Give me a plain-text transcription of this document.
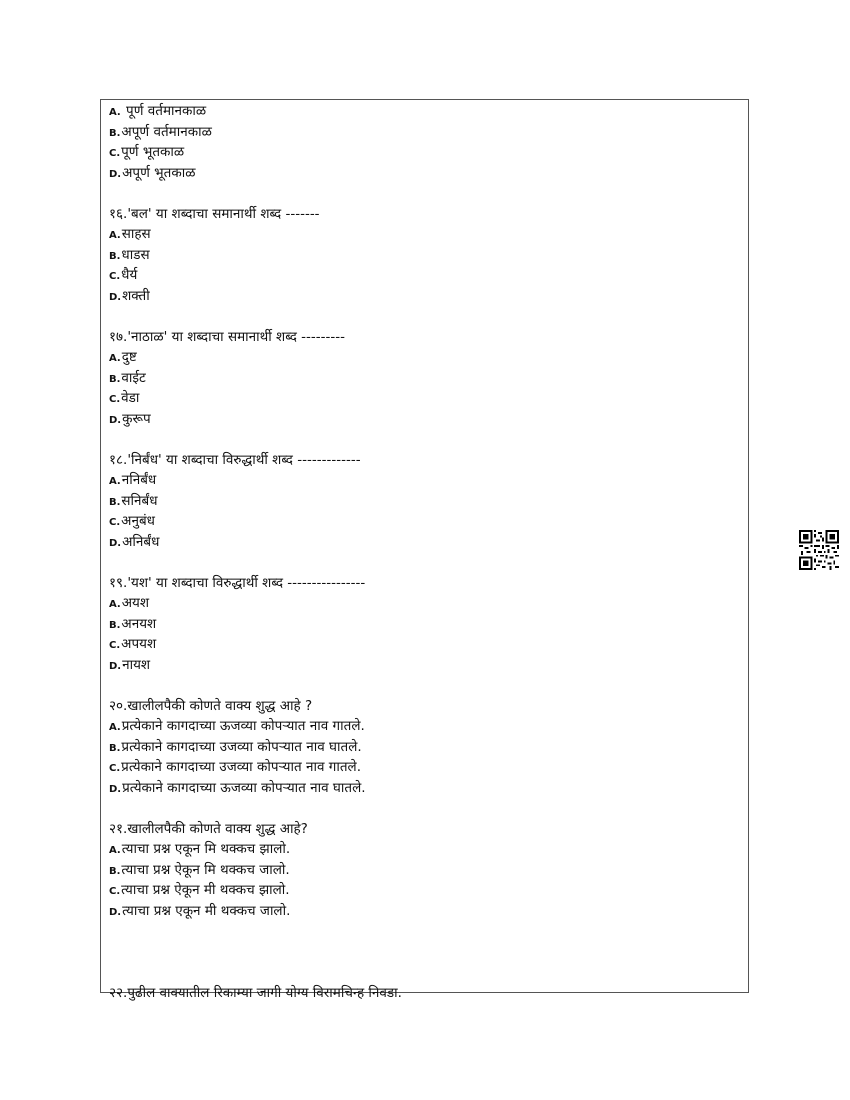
A. पूर्ण वर्तमानकाळ
B.अपूर्ण वर्तमानकाळ
C.पूर्ण भूतकाळ
D.अपूर्ण भूतकाळ
१६.'बल' या शब्दाचा समानार्थी शब्द -------
A.साहस
B.धाडस
C.धैर्य
D.शक्ती
१७.'नाठाळ' या शब्दाचा समानार्थी शब्द ---------
A.दुष्ट
B.वाईट
C.वेडा
D.कुरूप
१८.'निर्बंध' या शब्दाचा विरुद्धार्थी शब्द -------------
A.ननिर्बंध
B.सनिर्बंध
C.अनुबंध
D.अनिर्बंध
१९.'यश' या शब्दाचा विरुद्धार्थी शब्द ----------------
A.अयश
B.अनयश
C.अपयश
D.नायश
२०.खालीलपैकी कोणते वाक्य शुद्ध आहे ?
A.प्रत्येकाने कागदाच्या ऊजव्या कोपऱ्यात नाव गातले.
B.प्रत्येकाने कागदाच्या उजव्या कोपऱ्यात नाव घातले.
C.प्रत्येकाने कागदाच्या उजव्या कोपऱ्यात नाव गातले.
D.प्रत्येकाने कागदाच्या ऊजव्या कोपऱ्यात नाव घातले.
२१.खालीलपैकी कोणते वाक्य शुद्ध आहे?
A.त्याचा प्रश्न एकून मि थक्कच झालो.
B.त्याचा प्रश्न ऐकून मि थक्कच जालो.
C.त्याचा प्रश्न ऐकून मी थक्कच झालो.
D.त्याचा प्रश्न एकून मी थक्कच जालो.
२२.पुढील वाक्यातील रिकाम्या जागी योग्य विरामचिन्ह निवडा.
